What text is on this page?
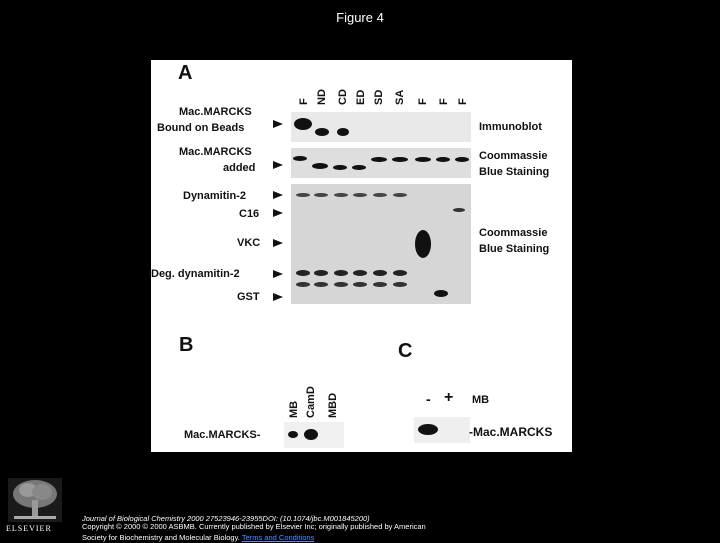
Figure 4
A
F ND CD ED SD SA F F F
Mac.MARCKS
Bound on Beads
Mac.MARCKS
added
Dynamitin-2
C16
VKC
Deg. dynamitin-2
GST
Immunoblot
Coommassie
Blue Staining
Coommassie
Blue Staining
B
MB CamD MBD
Mac.MARCKS-
C
- + MB
-Mac.MARCKS
ELSEVIER
Journal of Biological Chemistry 2000 27523946-23955DOI: (10.1074/jbc.M001845200)
Copyright © 2000 © 2000 ASBMB. Currently published by Elsevier Inc; originally published by American
Society for Biochemistry and Molecular Biology. Terms and Conditions
